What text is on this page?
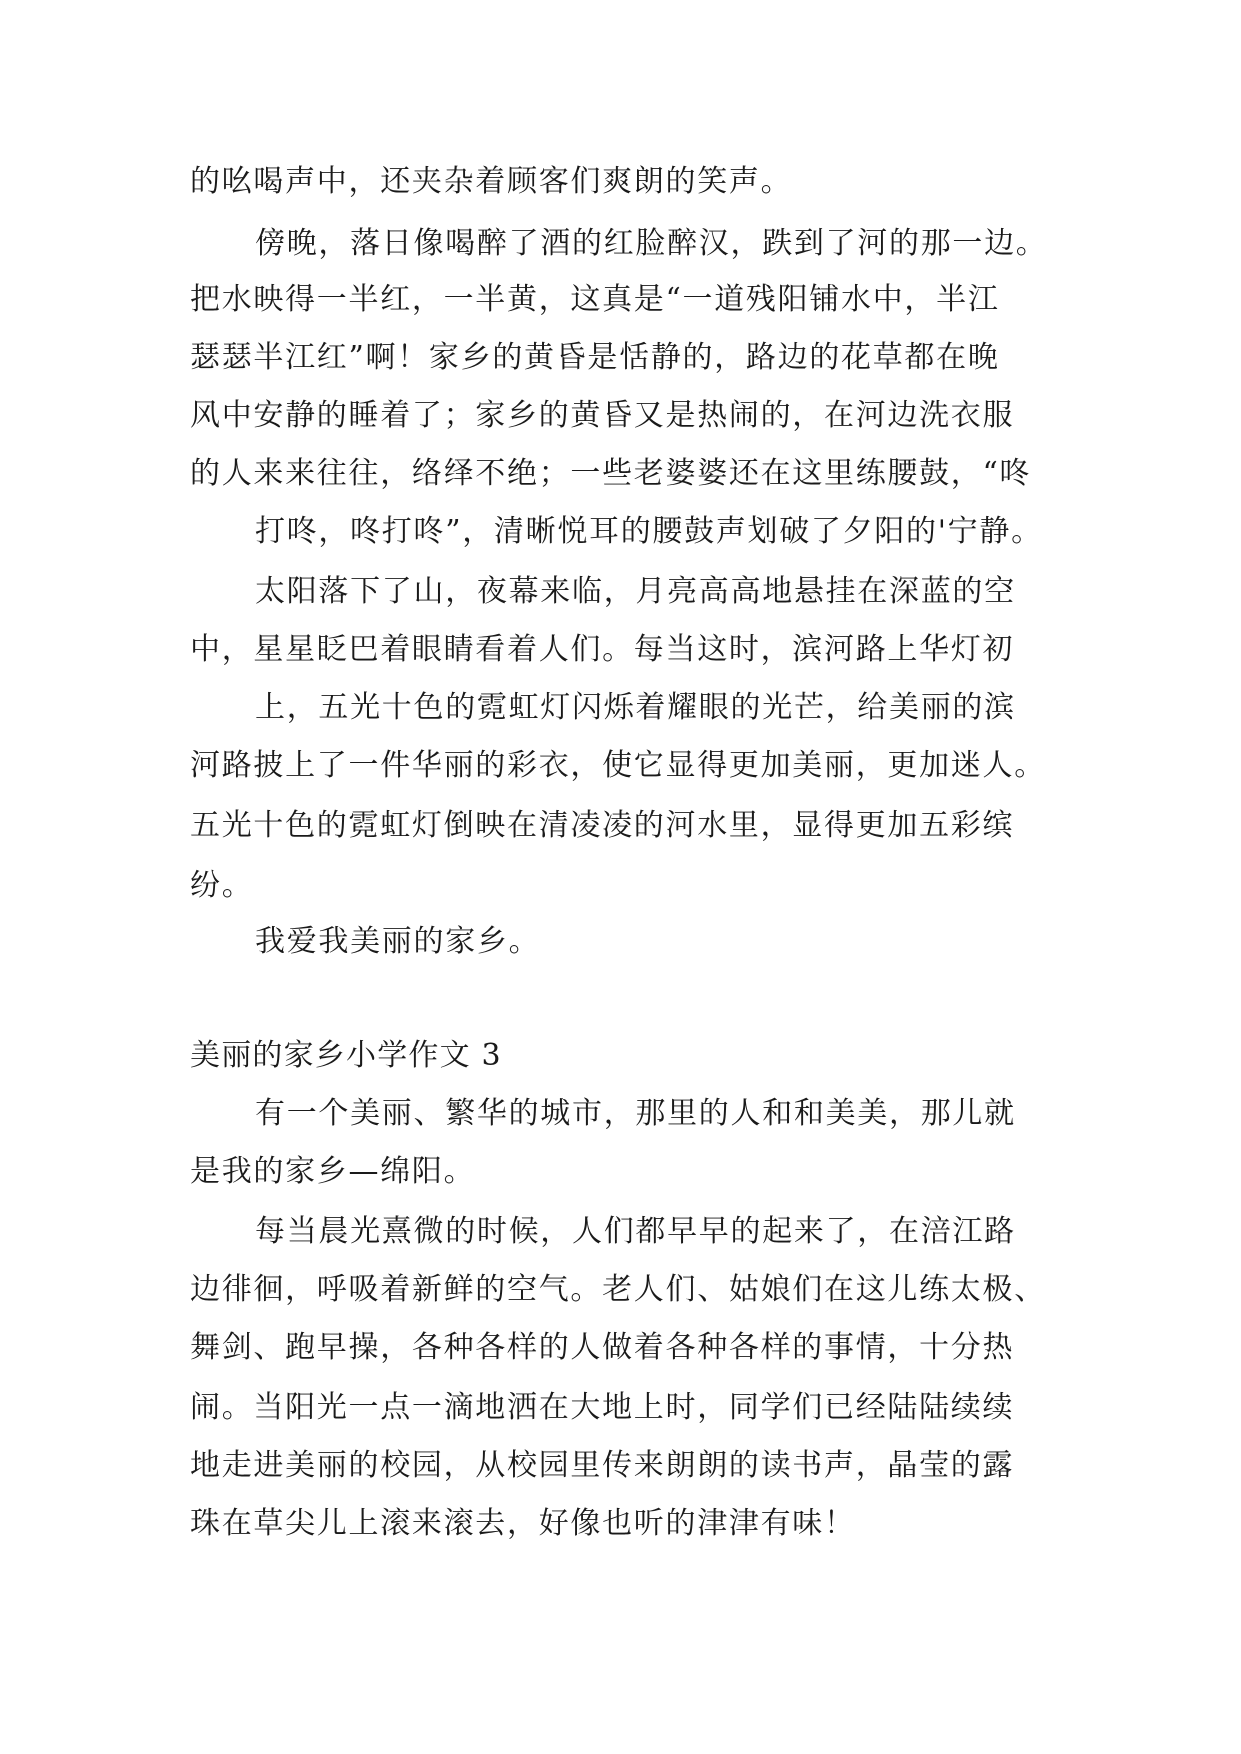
的吆喝声中，还夹杂着顾客们爽朗的笑声。

傍晚，落日像喝醉了酒的红脸醉汉，跌到了河的那一边。

把水映得一半红，一半黄，这真是“一道残阳铺水中，半江

瑟瑟半江红”啊！家乡的黄昏是恬静的，路边的花草都在晚

风中安静的睡着了；家乡的黄昏又是热闹的，在河边洗衣服

的人来来往往，络绎不绝；一些老婆婆还在这里练腰鼓，“咚

打咚，咚打咚”，清晰悦耳的腰鼓声划破了夕阳的'宁静。

太阳落下了山，夜幕来临，月亮高高地悬挂在深蓝的空

中，星星眨巴着眼睛看着人们。每当这时，滨河路上华灯初

上，五光十色的霓虹灯闪烁着耀眼的光芒，给美丽的滨

河路披上了一件华丽的彩衣，使它显得更加美丽，更加迷人。

五光十色的霓虹灯倒映在清凌凌的河水里，显得更加五彩缤

纷。

我爱我美丽的家乡。

美丽的家乡小学作文 3

有一个美丽、繁华的城市，那里的人和和美美，那儿就

是我的家乡—绵阳。

每当晨光熹微的时候，人们都早早的起来了，在涪江路

边徘徊，呼吸着新鲜的空气。老人们、姑娘们在这儿练太极、

舞剑、跑早操，各种各样的人做着各种各样的事情，十分热

闹。当阳光一点一滴地洒在大地上时，同学们已经陆陆续续

地走进美丽的校园，从校园里传来朗朗的读书声，晶莹的露

珠在草尖儿上滚来滚去，好像也听的津津有味！
